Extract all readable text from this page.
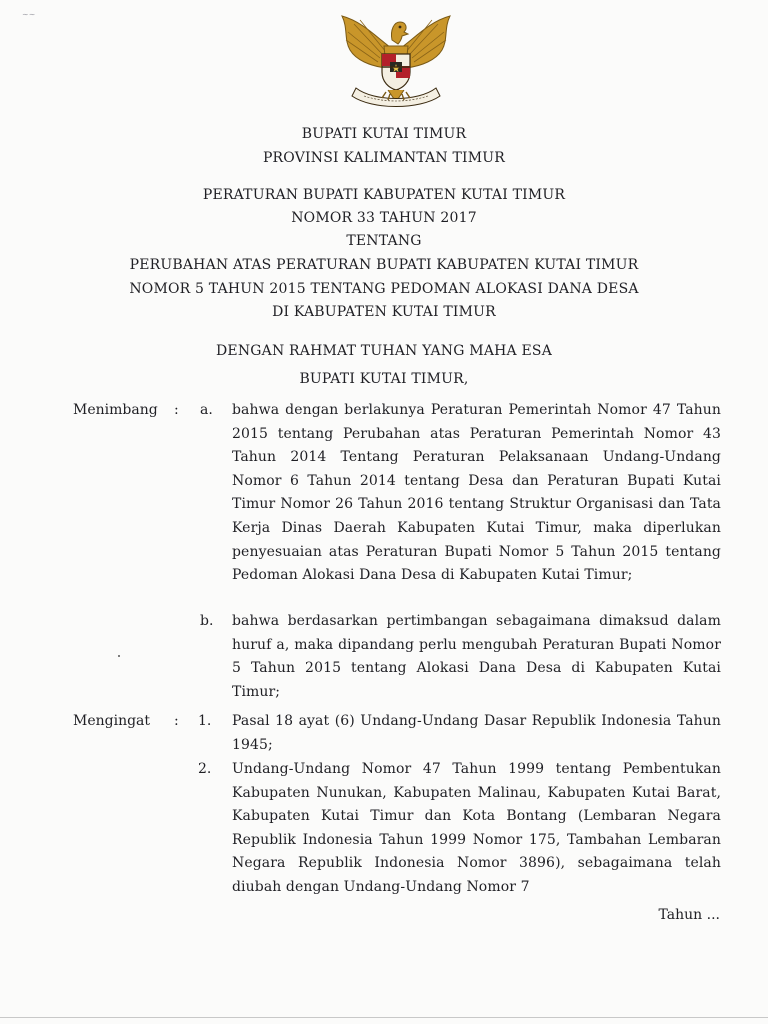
∼∼
BUPATI KUTAI TIMUR
PROVINSI KALIMANTAN TIMUR
PERATURAN BUPATI KABUPATEN KUTAI TIMUR
NOMOR 33 TAHUN 2017
TENTANG
PERUBAHAN ATAS PERATURAN BUPATI KABUPATEN KUTAI TIMUR
NOMOR 5 TAHUN 2015 TENTANG PEDOMAN ALOKASI DANA DESA
DI KABUPATEN KUTAI TIMUR
DENGAN RAHMAT TUHAN YANG MAHA ESA
BUPATI KUTAI TIMUR,
Menimbang : a. bahwa dengan berlakunya Peraturan Pemerintah Nomor 47 Tahun 2015 tentang Perubahan atas Peraturan Pemerintah Nomor 43 Tahun 2014 Tentang Peraturan Pelaksanaan Undang-Undang Nomor 6 Tahun 2014 tentang Desa dan Peraturan Bupati Kutai Timur Nomor 26 Tahun 2016 tentang Struktur Organisasi dan Tata Kerja Dinas Daerah Kabupaten Kutai Timur, maka diperlukan penyesuaian atas Peraturan Bupati Nomor 5 Tahun 2015 tentang Pedoman Alokasi Dana Desa di Kabupaten Kutai Timur;
b. bahwa berdasarkan pertimbangan sebagaimana dimaksud dalam huruf a, maka dipandang perlu mengubah Peraturan Bupati Nomor 5 Tahun 2015 tentang Alokasi Dana Desa di Kabupaten Kutai Timur;
Mengingat : 1. Pasal 18 ayat (6) Undang-Undang Dasar Republik Indonesia Tahun 1945;
2. Undang-Undang Nomor 47 Tahun 1999 tentang Pembentukan Kabupaten Nunukan, Kabupaten Malinau, Kabupaten Kutai Barat, Kabupaten Kutai Timur dan Kota Bontang (Lembaran Negara Republik Indonesia Tahun 1999 Nomor 175, Tambahan Lembaran Negara Republik Indonesia Nomor 3896), sebagaimana telah diubah dengan Undang-Undang Nomor 7
Tahun ...
